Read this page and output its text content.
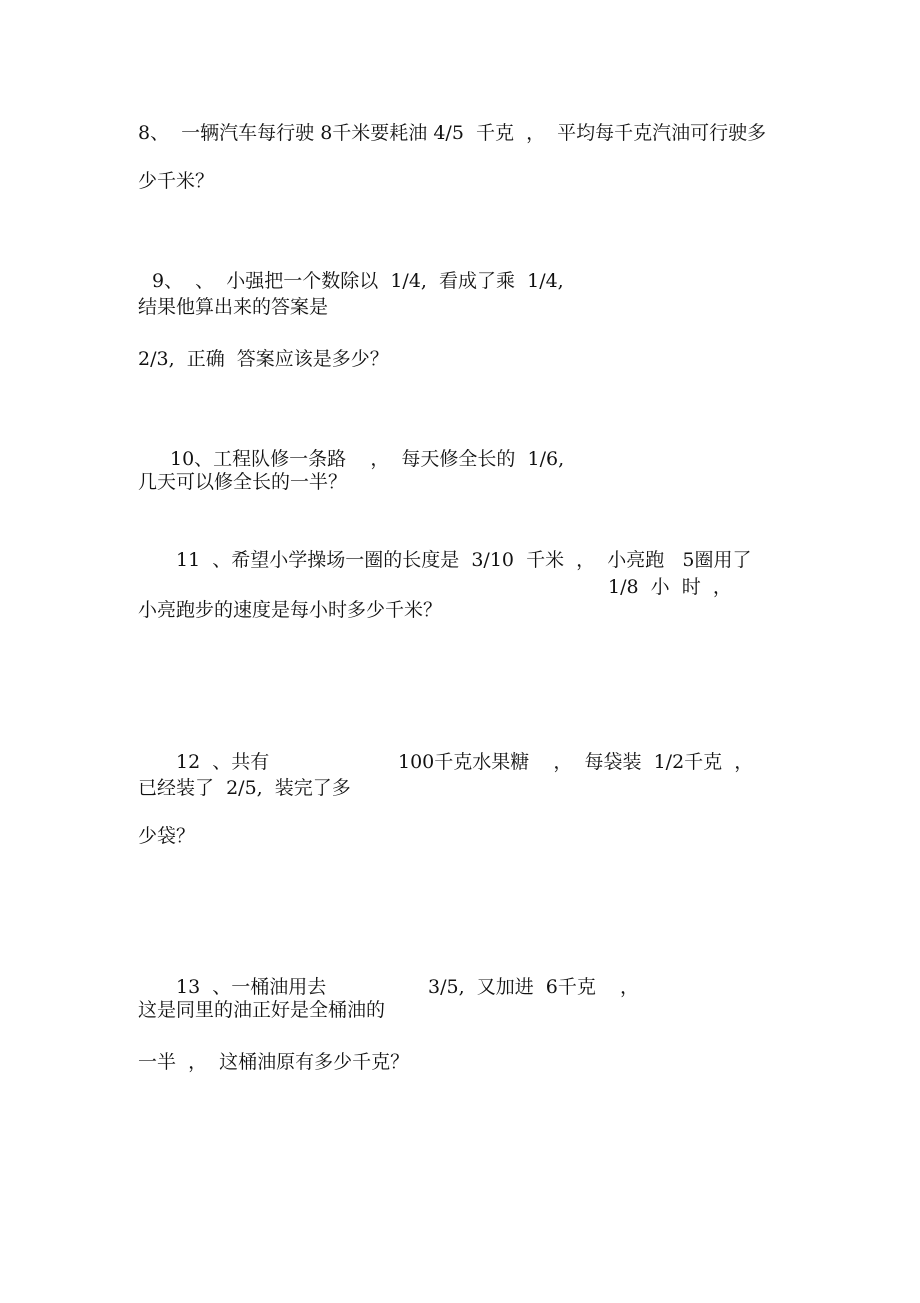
8、  一辆汽车每行驶 8千米要耗油 4/5  千克  ，  平均每千克汽油可行驶多
少千米？
9、  、  小强把一个数除以  1/4,  看成了乘  1/4,
结果他算出来的答案是
2/3,  正确  答案应该是多少？
10、工程队修一条路    ，  每天修全长的  1/6,
几天可以修全长的一半？
11  、希望小学操场一圈的长度是  3/10  千米  ，  小亮跑   5圈用了
1/8  小  时  ，
小亮跑步的速度是每小时多少千米？
12  、共有	100千克水果糖    ，  每袋装  1/2千克  ，
已经装了  2/5,  装完了多
少袋？
13  、一桶油用去	3/5,  又加进  6千克    ，
这是同里的油正好是全桶油的
一半  ，  这桶油原有多少千克？
